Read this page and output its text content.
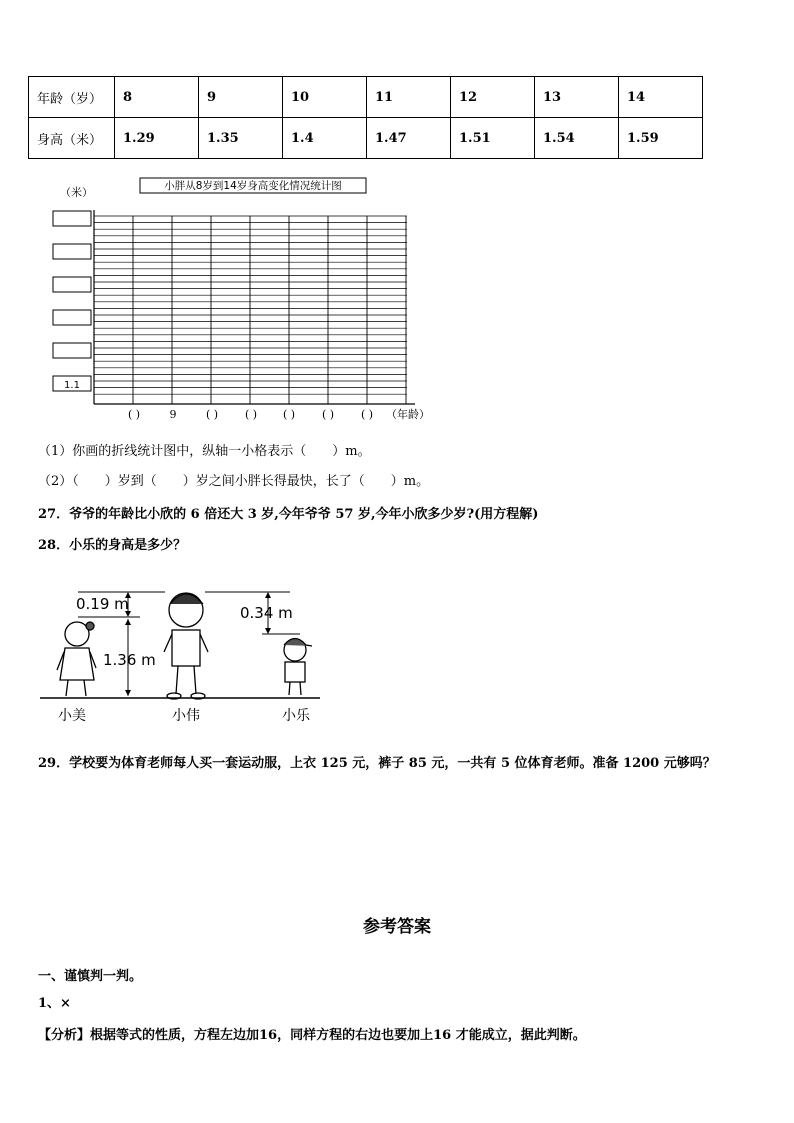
年龄（岁）	8	9	10	11	12	13	14
身高（米）	1.29	1.35	1.4	1.47	1.51	1.54	1.59
（米）	小胖从8岁到14岁身高变化情况统计图
1.1
( )	9	( ) ( ) ( ) ( ) ( ) （年龄）
（1）你画的折线统计图中，纵轴一小格表示（　　）m。
（2）（　　）岁到（　　）岁之间小胖长得最快，长了（　　）m。
27．爷爷的年龄比小欣的 6 倍还大 3 岁,今年爷爷 57 岁,今年小欣多少岁?(用方程解)
28．小乐的身高是多少？
0.19 m
1.36 m
0.34 m
小美	小伟	小乐
29．学校要为体育老师每人买一套运动服，上衣 125 元，裤子 85 元，一共有 5 位体育老师。准备 1200 元够吗？
参考答案
一、谨慎判一判。
1、×
【分析】根据等式的性质，方程左边加16，同样方程的右边也要加上16 才能成立，据此判断。
